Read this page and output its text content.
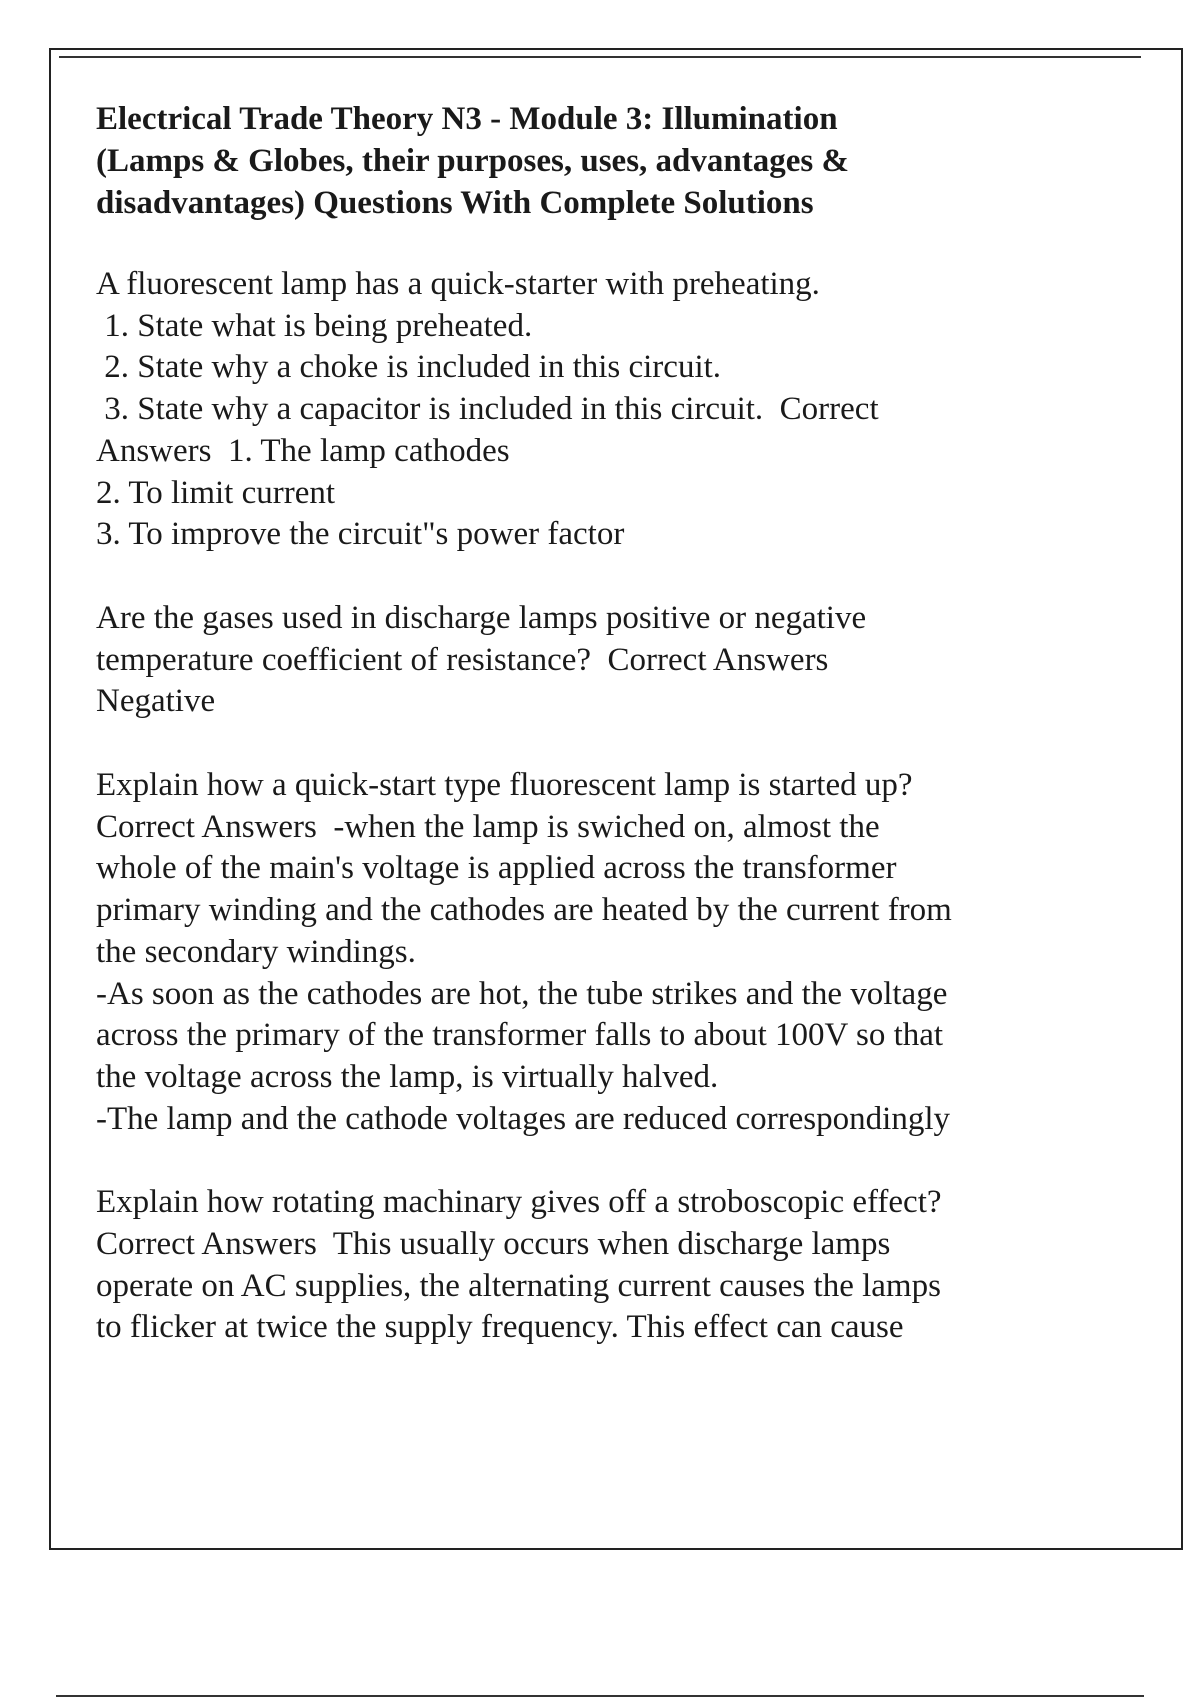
Electrical Trade Theory N3 - Module 3: Illumination
(Lamps & Globes, their purposes, uses, advantages &
disadvantages) Questions With Complete Solutions
A fluorescent lamp has a quick-starter with preheating.
1. State what is being preheated.
2. State why a choke is included in this circuit.
3. State why a capacitor is included in this circuit.  Correct
Answers  1. The lamp cathodes
2. To limit current
3. To improve the circuit"s power factor
Are the gases used in discharge lamps positive or negative
temperature coefficient of resistance?  Correct Answers
Negative
Explain how a quick-start type fluorescent lamp is started up?
Correct Answers  -when the lamp is swiched on, almost the
whole of the main's voltage is applied across the transformer
primary winding and the cathodes are heated by the current from
the secondary windings.
-As soon as the cathodes are hot, the tube strikes and the voltage
across the primary of the transformer falls to about 100V so that
the voltage across the lamp, is virtually halved.
-The lamp and the cathode voltages are reduced correspondingly
Explain how rotating machinary gives off a stroboscopic effect?
Correct Answers  This usually occurs when discharge lamps
operate on AC supplies, the alternating current causes the lamps
to flicker at twice the supply frequency. This effect can cause
